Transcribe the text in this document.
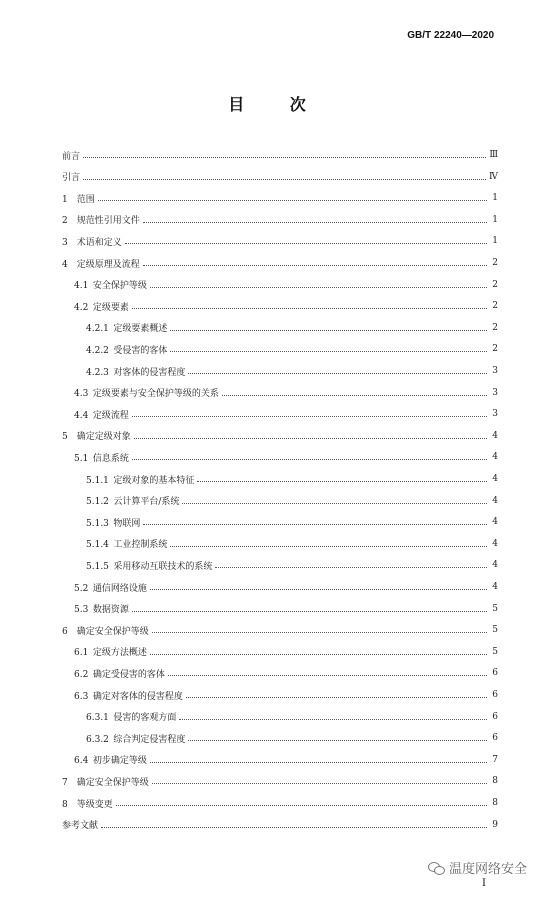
GB/T 22240—2020
目 次
前言	Ⅲ
引言	Ⅳ
1 范围	1
2 规范性引用文件	1
3 术语和定义	1
4 定级原理及流程	2
4.1 安全保护等级	2
4.2 定级要素	2
4.2.1 定级要素概述	2
4.2.2 受侵害的客体	2
4.2.3 对客体的侵害程度	3
4.3 定级要素与安全保护等级的关系	3
4.4 定级流程	3
5 确定定级对象	4
5.1 信息系统	4
5.1.1 定级对象的基本特征	4
5.1.2 云计算平台/系统	4
5.1.3 物联网	4
5.1.4 工业控制系统	4
5.1.5 采用移动互联技术的系统	4
5.2 通信网络设施	4
5.3 数据资源	5
6 确定安全保护等级	5
6.1 定级方法概述	5
6.2 确定受侵害的客体	6
6.3 确定对客体的侵害程度	6
6.3.1 侵害的客观方面	6
6.3.2 综合判定侵害程度	6
6.4 初步确定等级	7
7 确定安全保护等级	8
8 等级变更	8
参考文献	9
温度网络安全
Ⅰ
